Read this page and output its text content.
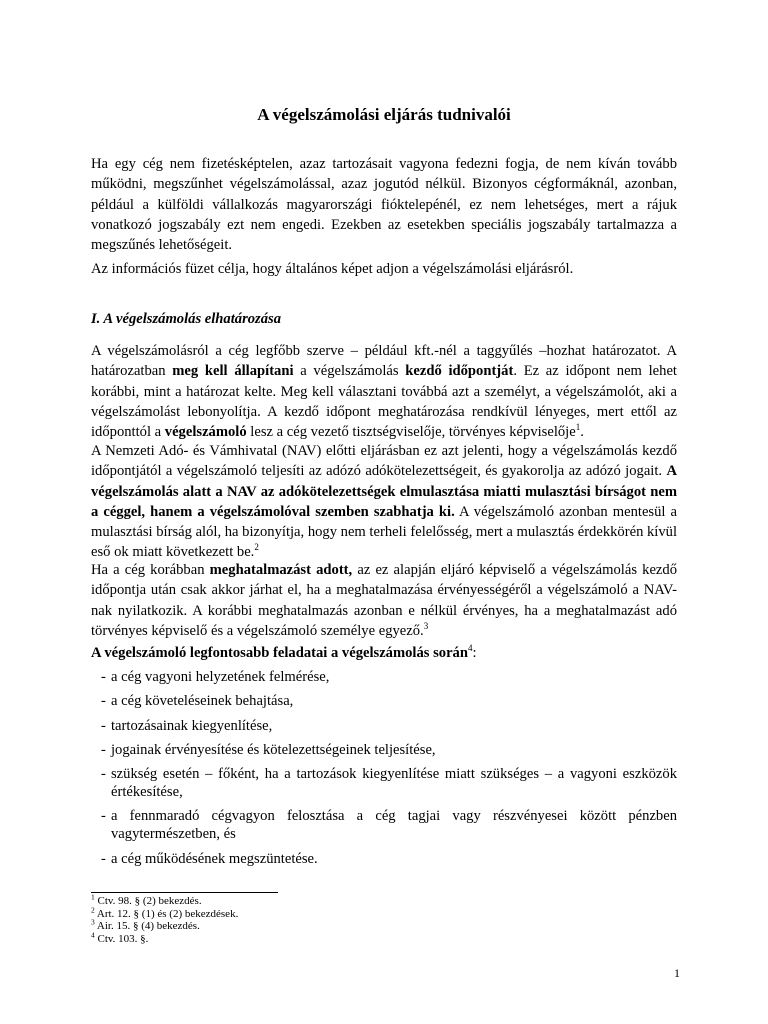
A végelszámolási eljárás tudnivalói
Ha egy cég nem fizetésképtelen, azaz tartozásait vagyona fedezni fogja, de nem kíván tovább működni, megszűnhet végelszámolással, azaz jogutód nélkül. Bizonyos cégformáknál, azonban, például a külföldi vállalkozás magyarországi fióktelepénél, ez nem lehetséges, mert a rájuk vonatkozó jogszabály ezt nem engedi. Ezekben az esetekben speciális jogszabály tartalmazza a megszűnés lehetőségeit.
Az információs füzet célja, hogy általános képet adjon a végelszámolási eljárásról.
I. A végelszámolás elhatározása
A végelszámolásról a cég legfőbb szerve – például kft.-nél a taggyűlés –hozhat határozatot. A határozatban meg kell állapítani a végelszámolás kezdő időpontját. Ez az időpont nem lehet korábbi, mint a határozat kelte. Meg kell választani továbbá azt a személyt, a végelszámolót, aki a végelszámolást lebonyolítja. A kezdő időpont meghatározása rendkívül lényeges, mert ettől az időponttól a végelszámoló lesz a cég vezető tisztségviselője, törvényes képviselője$^1$.
A Nemzeti Adó- és Vámhivatal (NAV) előtti eljárásban ez azt jelenti, hogy a végelszámolás kezdő időpontjától a végelszámoló teljesíti az adózó adókötelezettségeit, és gyakorolja az adózó jogait. A végelszámolás alatt a NAV az adókötelezettségek elmulasztása miatti mulasztási bírságot nem a céggel, hanem a végelszámolóval szemben szabhatja ki. A végelszámoló azonban mentesül a mulasztási bírság alól, ha bizonyítja, hogy nem terheli felelősség, mert a mulasztás érdekkörén kívül eső ok miatt következett be.$^2$
Ha a cég korábban meghatalmazást adott, az ez alapján eljáró képviselő a végelszámolás kezdő időpontja után csak akkor járhat el, ha a meghatalmazása érvényességéről a végelszámoló a NAV-nak nyilatkozik. A korábbi meghatalmazás azonban e nélkül érvényes, ha a meghatalmazást adó törvényes képviselő és a végelszámoló személye egyező.$^3$
A végelszámoló legfontosabb feladatai a végelszámolás során$^4$:
- a cég vagyoni helyzetének felmérése,
- a cég követeléseinek behajtása,
- tartozásainak kiegyenlítése,
- jogainak érvényesítése és kötelezettségeinek teljesítése,
- szükség esetén – főként, ha a tartozások kiegyenlítése miatt szükséges – a vagyoni eszközök értékesítése,
- a fennmaradó cégvagyon felosztása a cég tagjai vagy részvényesei között pénzben vagytermészetben, és
- a cég működésének megszüntetése.
$^1$ Ctv. 98. § (2) bekezdés.
$^2$ Art. 12. § (1) és (2) bekezdések.
$^3$ Air. 15. § (4) bekezdés.
$^4$ Ctv. 103. §.
1
